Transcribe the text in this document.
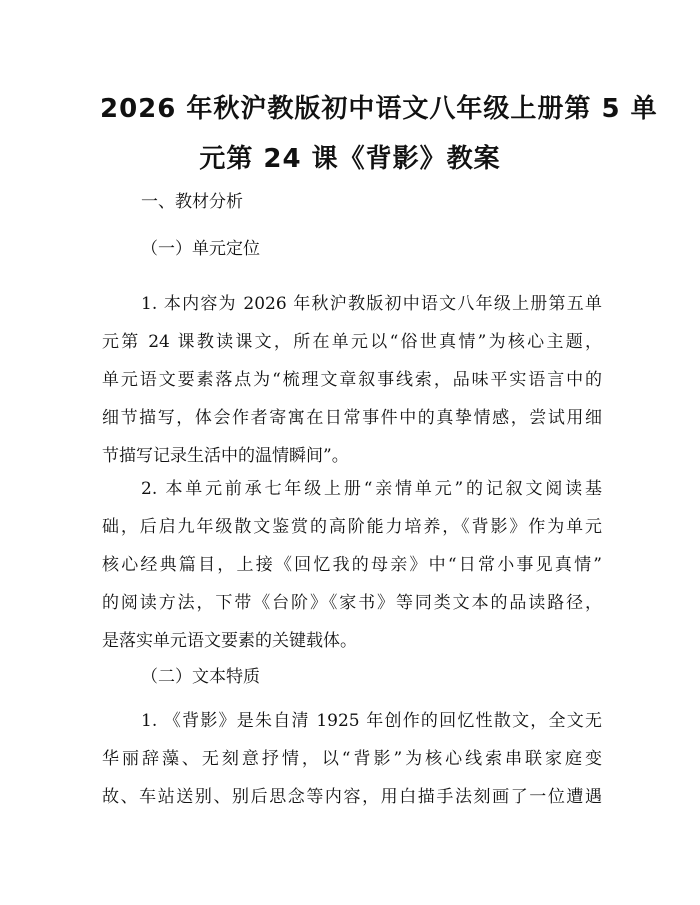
2026 年秋沪教版初中语文八年级上册第 5 单
元第 24 课《背影》教案

一、教材分析

（一）单元定位

1. 本内容为 2026 年秋沪教版初中语文八年级上册第五单
元第 24 课教读课文，所在单元以“俗世真情”为核心主题，
单元语文要素落点为“梳理文章叙事线索，品味平实语言中的
细节描写，体会作者寄寓在日常事件中的真挚情感，尝试用细
节描写记录生活中的温情瞬间”。
2. 本单元前承七年级上册“亲情单元”的记叙文阅读基
础，后启九年级散文鉴赏的高阶能力培养，《背影》作为单元
核心经典篇目，上接《回忆我的母亲》中“日常小事见真情”
的阅读方法，下带《台阶》《家书》等同类文本的品读路径，
是落实单元语文要素的关键载体。

（二）文本特质

1. 《背影》是朱自清 1925 年创作的回忆性散文，全文无
华丽辞藻、无刻意抒情，以“背影”为核心线索串联家庭变
故、车站送别、别后思念等内容，用白描手法刻画了一位遭遇
